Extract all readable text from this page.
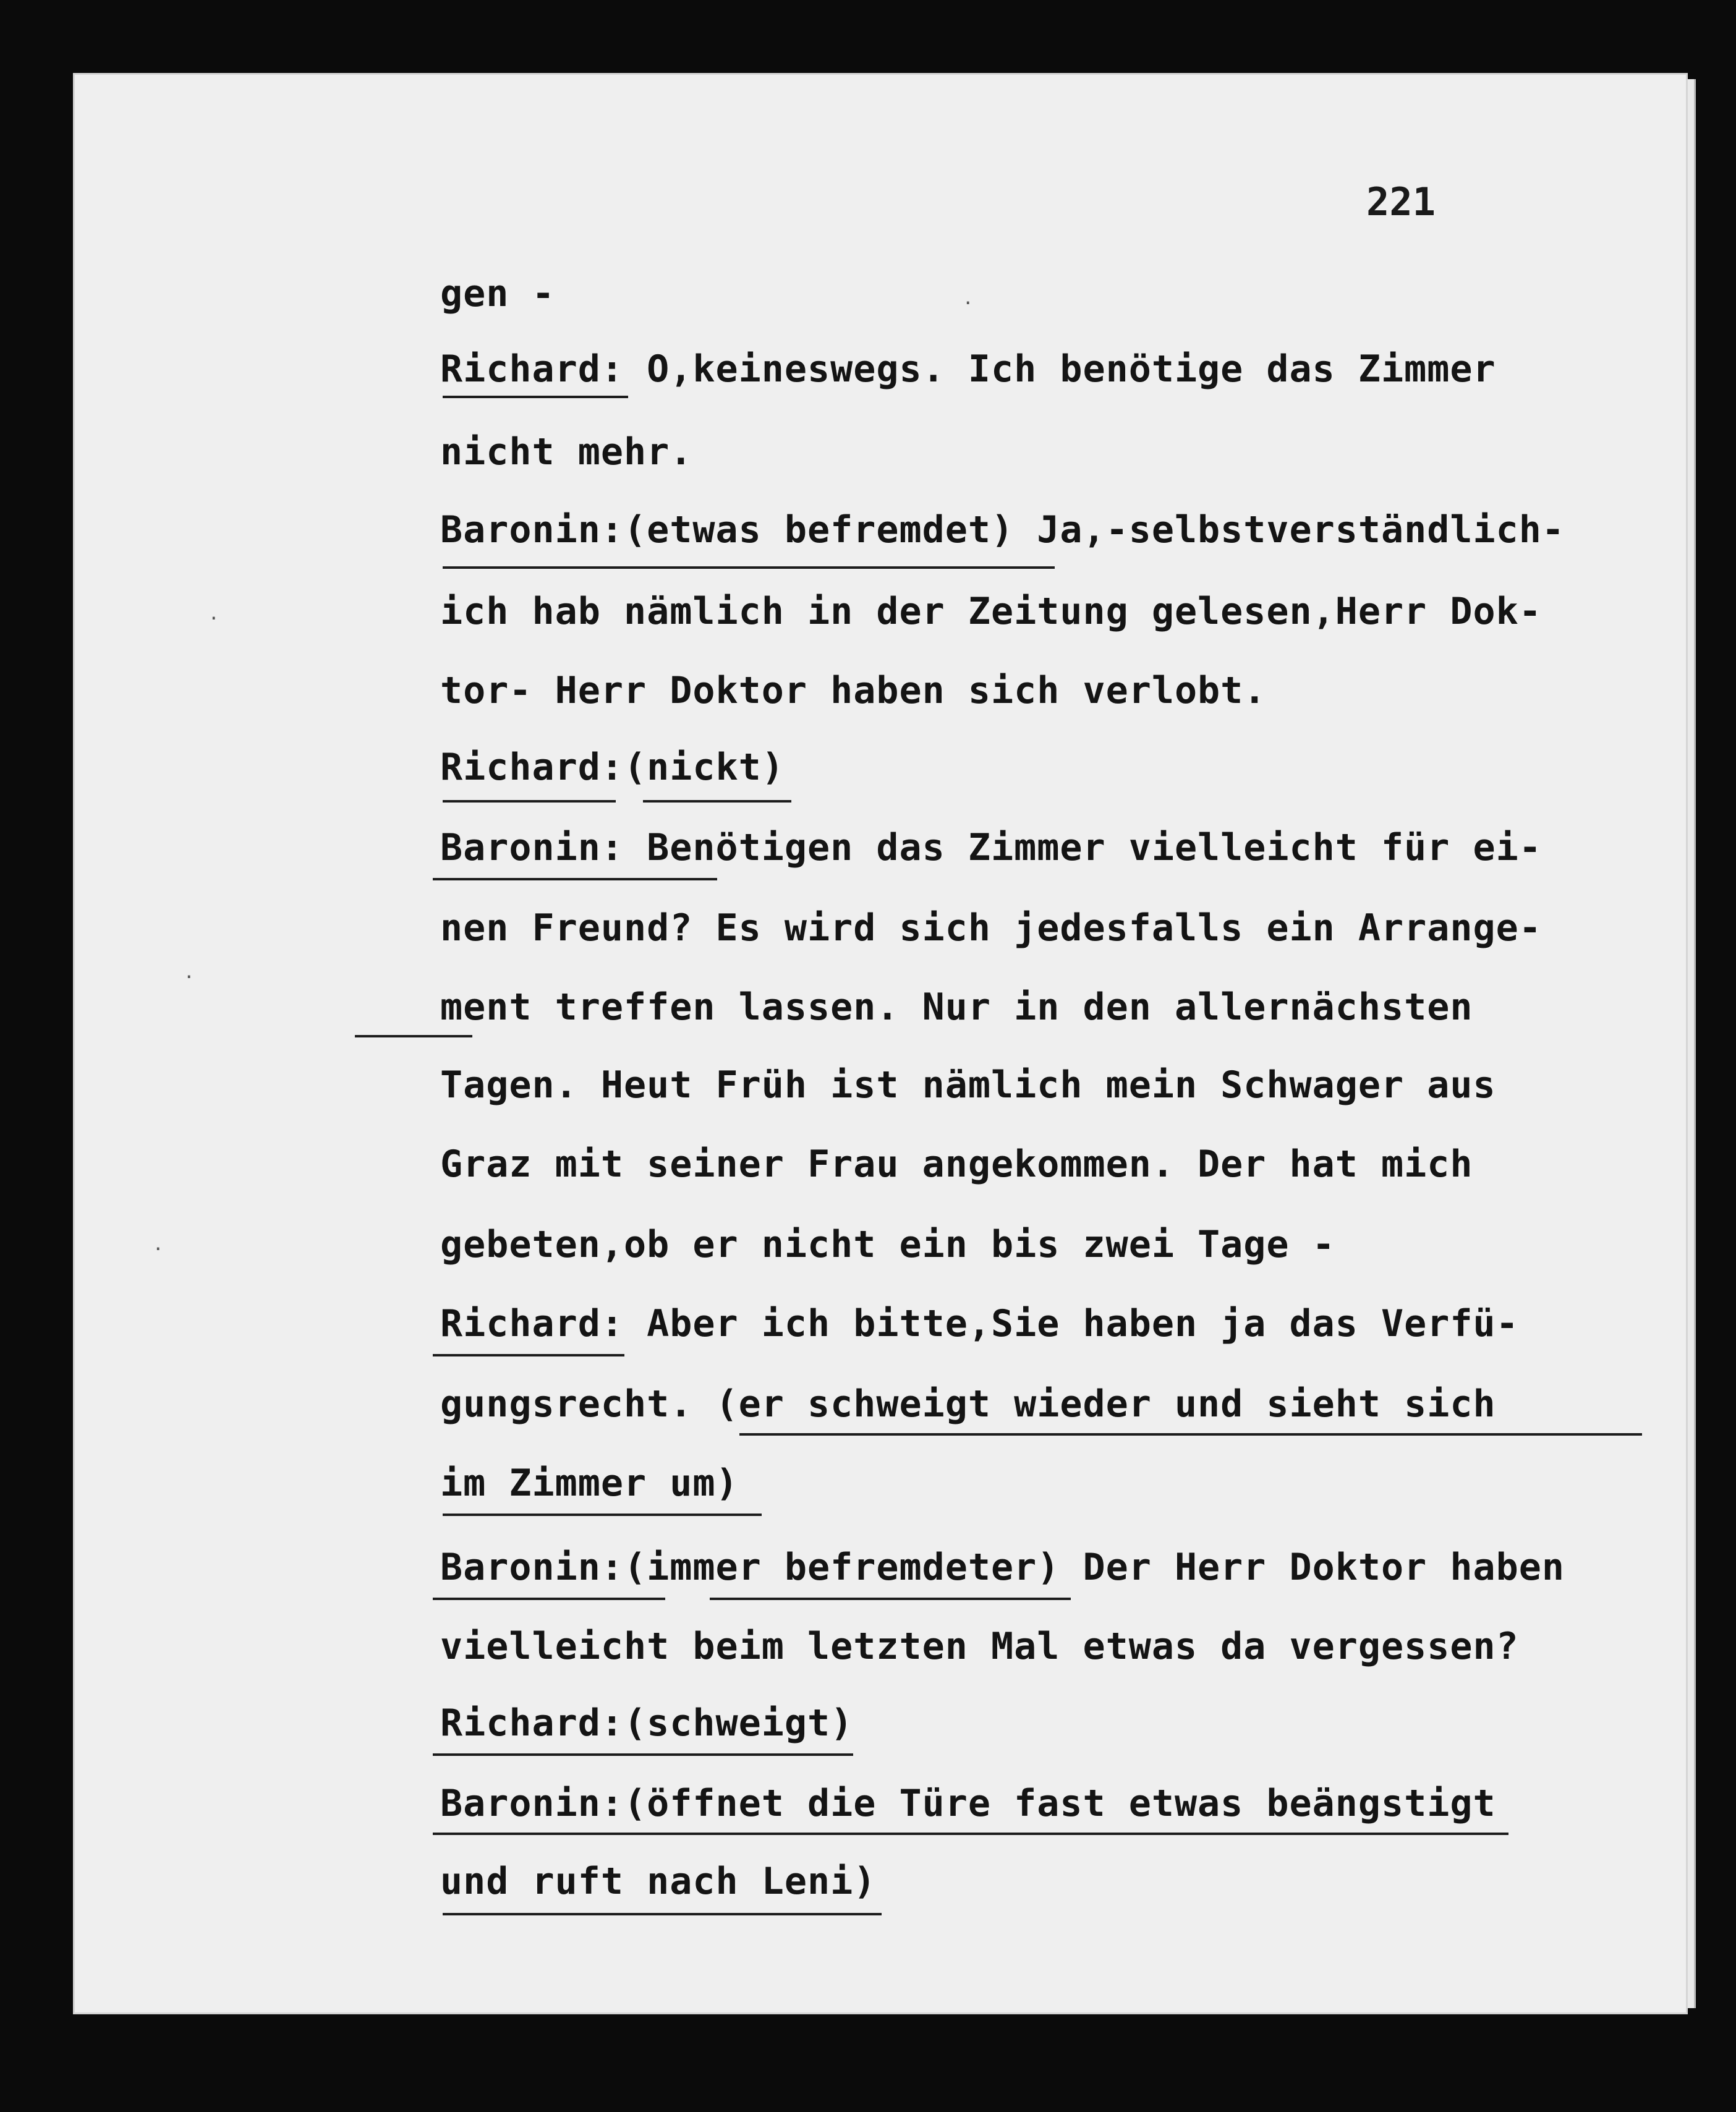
221
gen -
Richard: O,keineswegs. Ich benötige das Zimmer
nicht mehr.
Baronin:(etwas befremdet) Ja,-selbstverständlich-
ich hab nämlich in der Zeitung gelesen,Herr Dok-
tor- Herr Doktor haben sich verlobt.
Richard:(nickt)
Baronin: Benötigen das Zimmer vielleicht für ei-
nen Freund? Es wird sich jedesfalls ein Arrange-
ment treffen lassen. Nur in den allernächsten
Tagen. Heut Früh ist nämlich mein Schwager aus
Graz mit seiner Frau angekommen. Der hat mich
gebeten,ob er nicht ein bis zwei Tage -
Richard: Aber ich bitte,Sie haben ja das Verfü-
gungsrecht. (er schweigt wieder und sieht sich
im Zimmer um)
Baronin:(immer befremdeter) Der Herr Doktor haben
vielleicht beim letzten Mal etwas da vergessen?
Richard:(schweigt)
Baronin:(öffnet die Türe fast etwas beängstigt
und ruft nach Leni)
·
·
·
·
